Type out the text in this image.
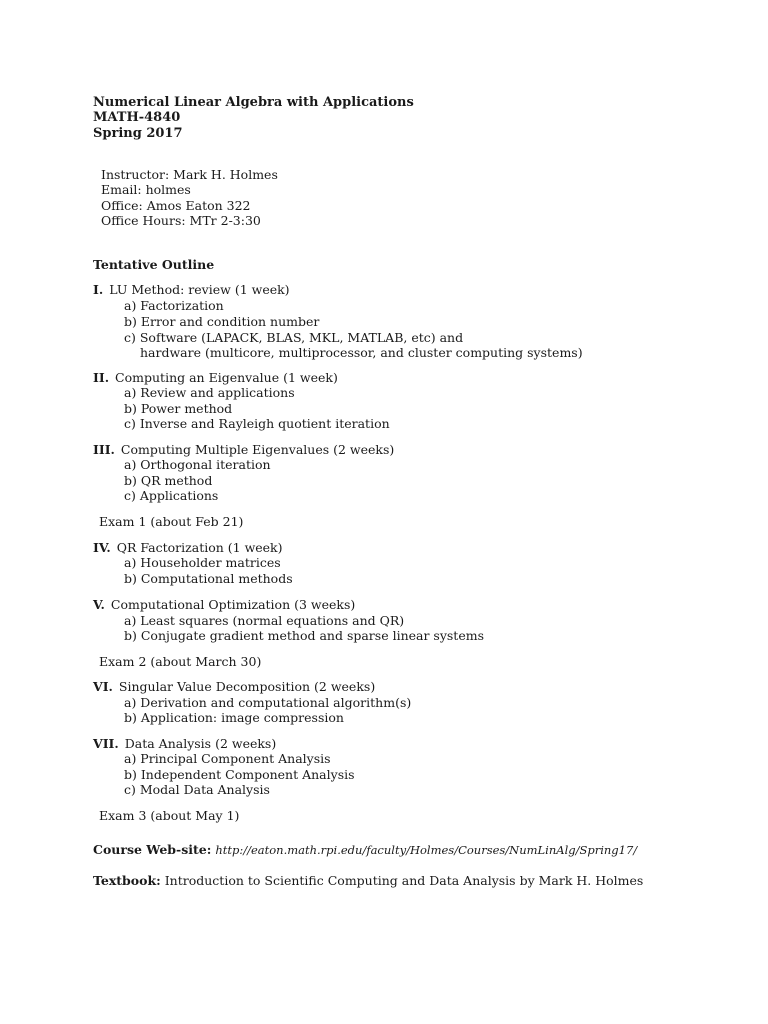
Numerical Linear Algebra with Applications

MATH-4840

Spring 2017

Instructor: Mark H. Holmes

Email: holmes

Office: Amos Eaton 322

Office Hours: MTr 2-3:30

Tentative Outline

I. LU Method: review (1 week)

a) Factorization

b) Error and condition number

c) Software (LAPACK, BLAS, MKL, MATLAB, etc) and

hardware (multicore, multiprocessor, and cluster computing systems)

II. Computing an Eigenvalue (1 week)

a) Review and applications

b) Power method

c) Inverse and Rayleigh quotient iteration

III. Computing Multiple Eigenvalues (2 weeks)

a) Orthogonal iteration

b) QR method

c) Applications

Exam 1 (about Feb 21)

IV. QR Factorization (1 week)

a) Householder matrices

b) Computational methods

V. Computational Optimization (3 weeks)

a) Least squares (normal equations and QR)

b) Conjugate gradient method and sparse linear systems

Exam 2 (about March 30)

VI. Singular Value Decomposition (2 weeks)

a) Derivation and computational algorithm(s)

b) Application: image compression

VII. Data Analysis (2 weeks)

a) Principal Component Analysis

b) Independent Component Analysis

c) Modal Data Analysis

Exam 3 (about May 1)

Course Web-site: http://eaton.math.rpi.edu/faculty/Holmes/Courses/NumLinAlg/Spring17/

Textbook: Introduction to Scientific Computing and Data Analysis by Mark H. Holmes
